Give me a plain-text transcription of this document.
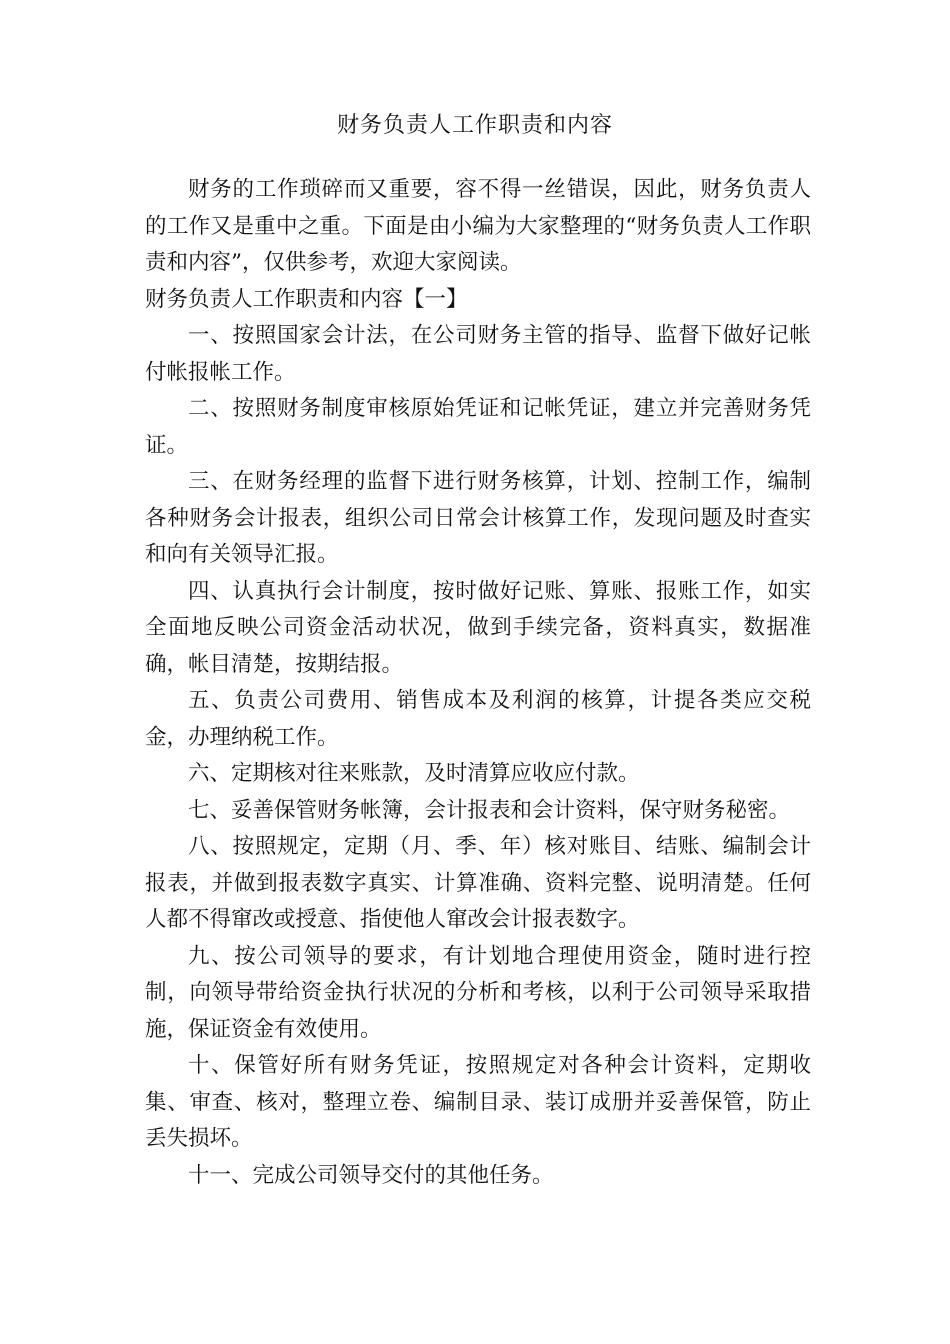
财务负责人工作职责和内容

财务的工作琐碎而又重要，容不得一丝错误，因此，财务负责人的工作又是重中之重。下面是由小编为大家整理的“财务负责人工作职责和内容”，仅供参考，欢迎大家阅读。

财务负责人工作职责和内容【一】

一、按照国家会计法，在公司财务主管的指导、监督下做好记帐付帐报帐工作。

二、按照财务制度审核原始凭证和记帐凭证，建立并完善财务凭证。

三、在财务经理的监督下进行财务核算，计划、控制工作，编制各种财务会计报表，组织公司日常会计核算工作，发现问题及时查实和向有关领导汇报。

四、认真执行会计制度，按时做好记账、算账、报账工作，如实全面地反映公司资金活动状况，做到手续完备，资料真实，数据准确，帐目清楚，按期结报。

五、负责公司费用、销售成本及利润的核算，计提各类应交税金，办理纳税工作。

六、定期核对往来账款，及时清算应收应付款。

七、妥善保管财务帐簿，会计报表和会计资料，保守财务秘密。

八、按照规定，定期（月、季、年）核对账目、结账、编制会计报表，并做到报表数字真实、计算准确、资料完整、说明清楚。任何人都不得窜改或授意、指使他人窜改会计报表数字。

九、按公司领导的要求，有计划地合理使用资金，随时进行控制，向领导带给资金执行状况的分析和考核，以利于公司领导采取措施，保证资金有效使用。

十、保管好所有财务凭证，按照规定对各种会计资料，定期收集、审查、核对，整理立卷、编制目录、装订成册并妥善保管，防止丢失损坏。

十一、完成公司领导交付的其他任务。
